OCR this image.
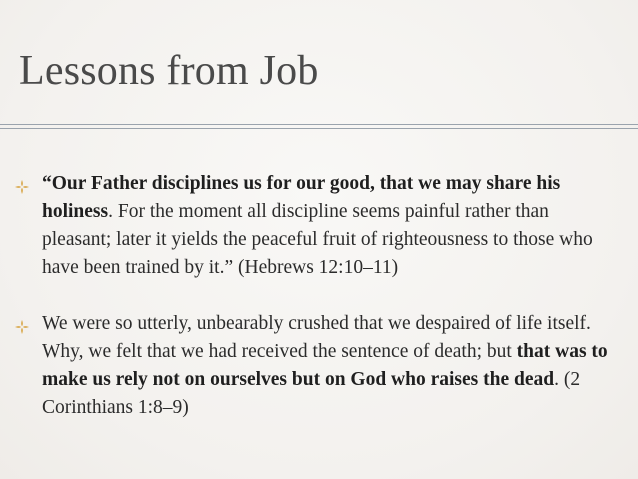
Lessons from Job
“Our Father disciplines us for our good, that we may share his holiness. For the moment all discipline seems painful rather than pleasant; later it yields the peaceful fruit of righteousness to those who have been trained by it.” (Hebrews 12:10–11)
We were so utterly, unbearably crushed that we despaired of life itself. Why, we felt that we had received the sentence of death; but that was to make us rely not on ourselves but on God who raises the dead. (2 Corinthians 1:8–9)
